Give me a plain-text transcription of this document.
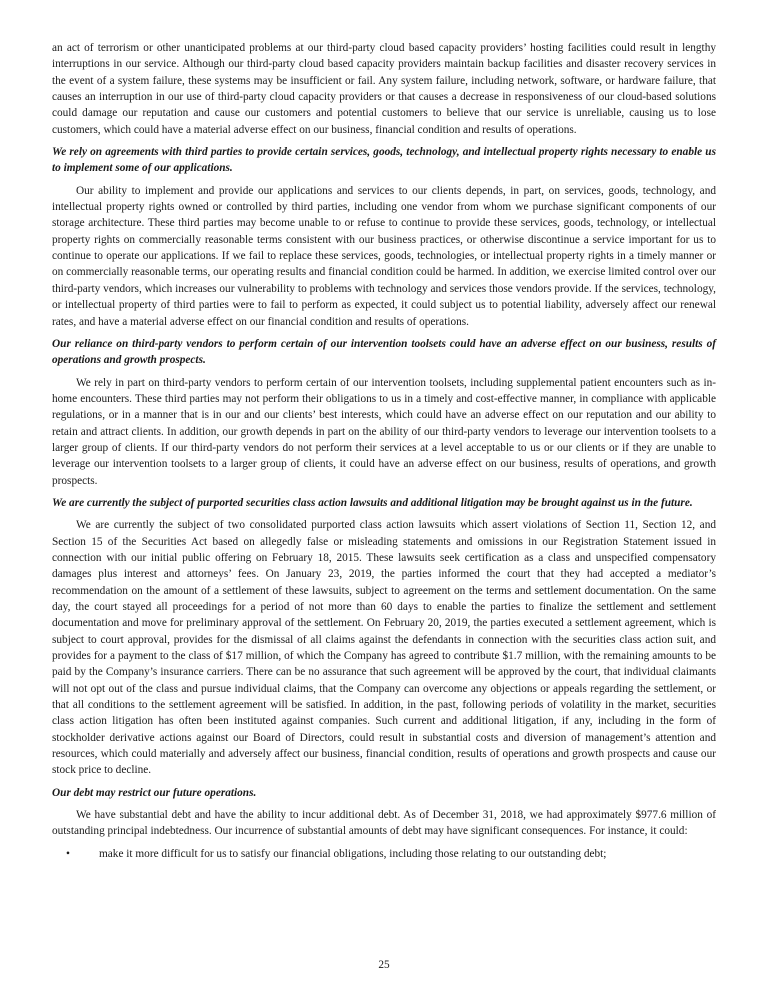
an act of terrorism or other unanticipated problems at our third-party cloud based capacity providers’ hosting facilities could result in lengthy interruptions in our service. Although our third-party cloud based capacity providers maintain backup facilities and disaster recovery services in the event of a system failure, these systems may be insufficient or fail. Any system failure, including network, software, or hardware failure, that causes an interruption in our use of third-party cloud capacity providers or that causes a decrease in responsiveness of our cloud-based solutions could damage our reputation and cause our customers and potential customers to believe that our service is unreliable, causing us to lose customers, which could have a material adverse effect on our business, financial condition and results of operations.

We rely on agreements with third parties to provide certain services, goods, technology, and intellectual property rights necessary to enable us to implement some of our applications.

Our ability to implement and provide our applications and services to our clients depends, in part, on services, goods, technology, and intellectual property rights owned or controlled by third parties, including one vendor from whom we purchase significant components of our storage architecture. These third parties may become unable to or refuse to continue to provide these services, goods, technology, or intellectual property rights on commercially reasonable terms consistent with our business practices, or otherwise discontinue a service important for us to continue to operate our applications. If we fail to replace these services, goods, technologies, or intellectual property rights in a timely manner or on commercially reasonable terms, our operating results and financial condition could be harmed. In addition, we exercise limited control over our third-party vendors, which increases our vulnerability to problems with technology and services those vendors provide. If the services, technology, or intellectual property of third parties were to fail to perform as expected, it could subject us to potential liability, adversely affect our renewal rates, and have a material adverse effect on our financial condition and results of operations.

Our reliance on third-party vendors to perform certain of our intervention toolsets could have an adverse effect on our business, results of operations and growth prospects.

We rely in part on third-party vendors to perform certain of our intervention toolsets, including supplemental patient encounters such as in-home encounters. These third parties may not perform their obligations to us in a timely and cost-effective manner, in compliance with applicable regulations, or in a manner that is in our and our clients’ best interests, which could have an adverse effect on our reputation and our ability to retain and attract clients. In addition, our growth depends in part on the ability of our third-party vendors to leverage our intervention toolsets to a larger group of clients. If our third-party vendors do not perform their services at a level acceptable to us or our clients or if they are unable to leverage our intervention toolsets to a larger group of clients, it could have an adverse effect on our business, results of operations, and growth prospects.

We are currently the subject of purported securities class action lawsuits and additional litigation may be brought against us in the future.

We are currently the subject of two consolidated purported class action lawsuits which assert violations of Section 11, Section 12, and Section 15 of the Securities Act based on allegedly false or misleading statements and omissions in our Registration Statement issued in connection with our initial public offering on February 18, 2015. These lawsuits seek certification as a class and unspecified compensatory damages plus interest and attorneys’ fees. On January 23, 2019, the parties informed the court that they had accepted a mediator’s recommendation on the amount of a settlement of these lawsuits, subject to agreement on the terms and settlement documentation. On the same day, the court stayed all proceedings for a period of not more than 60 days to enable the parties to finalize the settlement and settlement documentation and move for preliminary approval of the settlement. On February 20, 2019, the parties executed a settlement agreement, which is subject to court approval, provides for the dismissal of all claims against the defendants in connection with the securities class action suit, and provides for a payment to the class of $17 million, of which the Company has agreed to contribute $1.7 million, with the remaining amounts to be paid by the Company’s insurance carriers. There can be no assurance that such agreement will be approved by the court, that individual claimants will not opt out of the class and pursue individual claims, that the Company can overcome any objections or appeals regarding the settlement, or that all conditions to the settlement agreement will be satisfied. In addition, in the past, following periods of volatility in the market, securities class action litigation has often been instituted against companies. Such current and additional litigation, if any, including in the form of stockholder derivative actions against our Board of Directors, could result in substantial costs and diversion of management’s attention and resources, which could materially and adversely affect our business, financial condition, results of operations and growth prospects and cause our stock price to decline.

Our debt may restrict our future operations.

We have substantial debt and have the ability to incur additional debt. As of December 31, 2018, we had approximately $977.6 million of outstanding principal indebtedness. Our incurrence of substantial amounts of debt may have significant consequences. For instance, it could:

•	make it more difficult for us to satisfy our financial obligations, including those relating to our outstanding debt;
25
